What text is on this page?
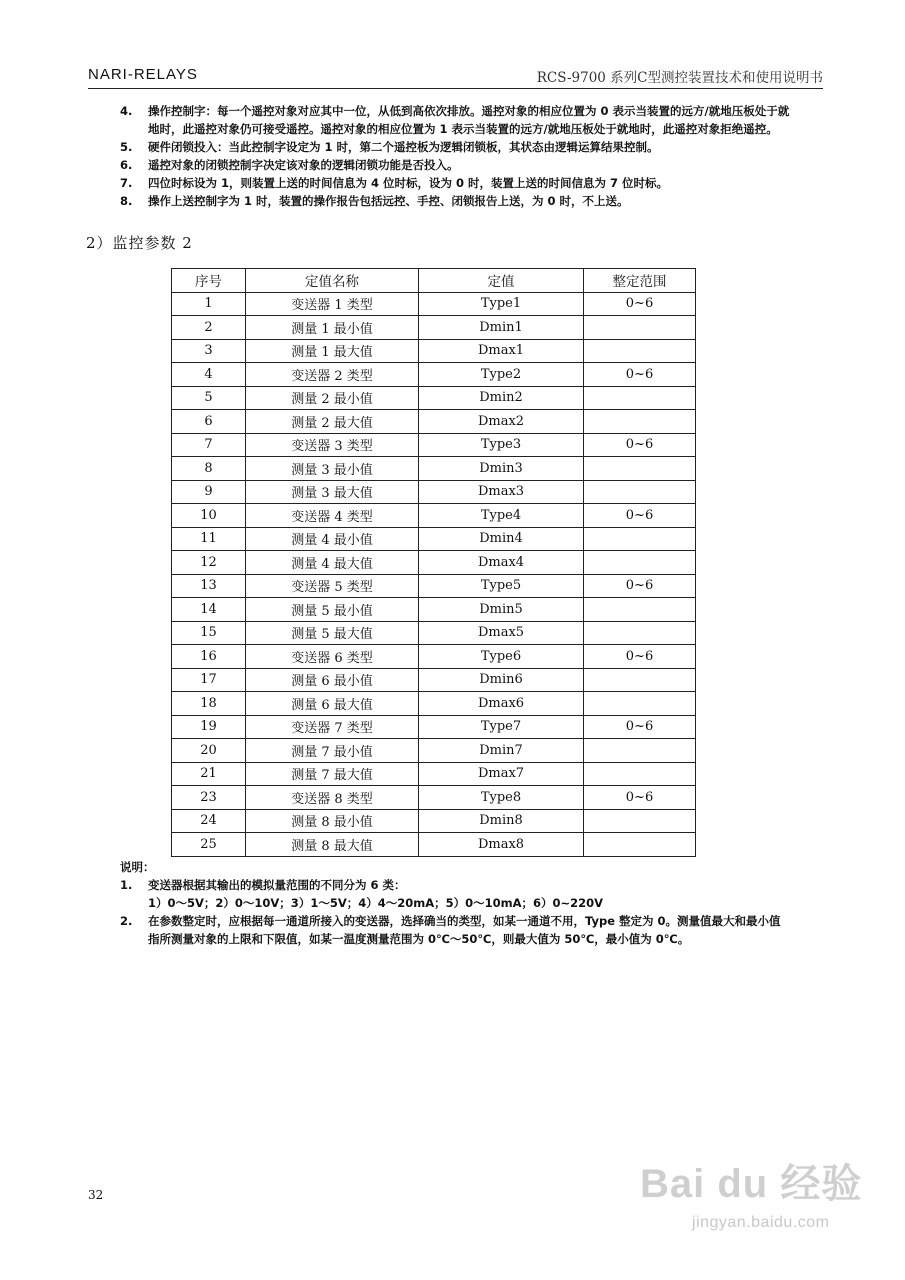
NARI-RELAYS	RCS-9700 系列C型测控装置技术和使用说明书
4.	操作控制字：每一个遥控对象对应其中一位，从低到高依次排放。遥控对象的相应位置为 0 表示当装置的远方/就地压板处于就地时，此遥控对象仍可接受遥控。遥控对象的相应位置为 1 表示当装置的远方/就地压板处于就地时，此遥控对象拒绝遥控。
5.	硬件闭锁投入：当此控制字设定为 1 时，第二个遥控板为逻辑闭锁板，其状态由逻辑运算结果控制。
6.	遥控对象的闭锁控制字决定该对象的逻辑闭锁功能是否投入。
7.	四位时标设为 1，则装置上送的时间信息为 4 位时标，设为 0 时，装置上送的时间信息为 7 位时标。
8.	操作上送控制字为 1 时，装置的操作报告包括远控、手控、闭锁报告上送，为 0 时，不上送。
2）监控参数 2
序号	定值名称	定值	整定范围
1	变送器 1 类型	Type1	0~6
2	测量 1 最小值	Dmin1	
3	测量 1 最大值	Dmax1	
4	变送器 2 类型	Type2	0~6
5	测量 2 最小值	Dmin2	
6	测量 2 最大值	Dmax2	
7	变送器 3 类型	Type3	0~6
8	测量 3 最小值	Dmin3	
9	测量 3 最大值	Dmax3	
10	变送器 4 类型	Type4	0~6
11	测量 4 最小值	Dmin4	
12	测量 4 最大值	Dmax4	
13	变送器 5 类型	Type5	0~6
14	测量 5 最小值	Dmin5	
15	测量 5 最大值	Dmax5	
16	变送器 6 类型	Type6	0~6
17	测量 6 最小值	Dmin6	
18	测量 6 最大值	Dmax6	
19	变送器 7 类型	Type7	0~6
20	测量 7 最小值	Dmin7	
21	测量 7 最大值	Dmax7	
23	变送器 8 类型	Type8	0~6
24	测量 8 最小值	Dmin8	
25	测量 8 最大值	Dmax8	
说明：
1.	变送器根据其输出的模拟量范围的不同分为 6 类：
1）0～5V；2）0～10V；3）1～5V；4）4～20mA；5）0～10mA；6）0~220V
2.	在参数整定时，应根据每一通道所接入的变送器，选择确当的类型，如某一通道不用，Type 整定为 0。测量值最大和最小值指所测量对象的上限和下限值，如某一温度测量范围为 0℃～50℃，则最大值为 50℃，最小值为 0℃。
32	Bai du 经验
jingyan.baidu.com
